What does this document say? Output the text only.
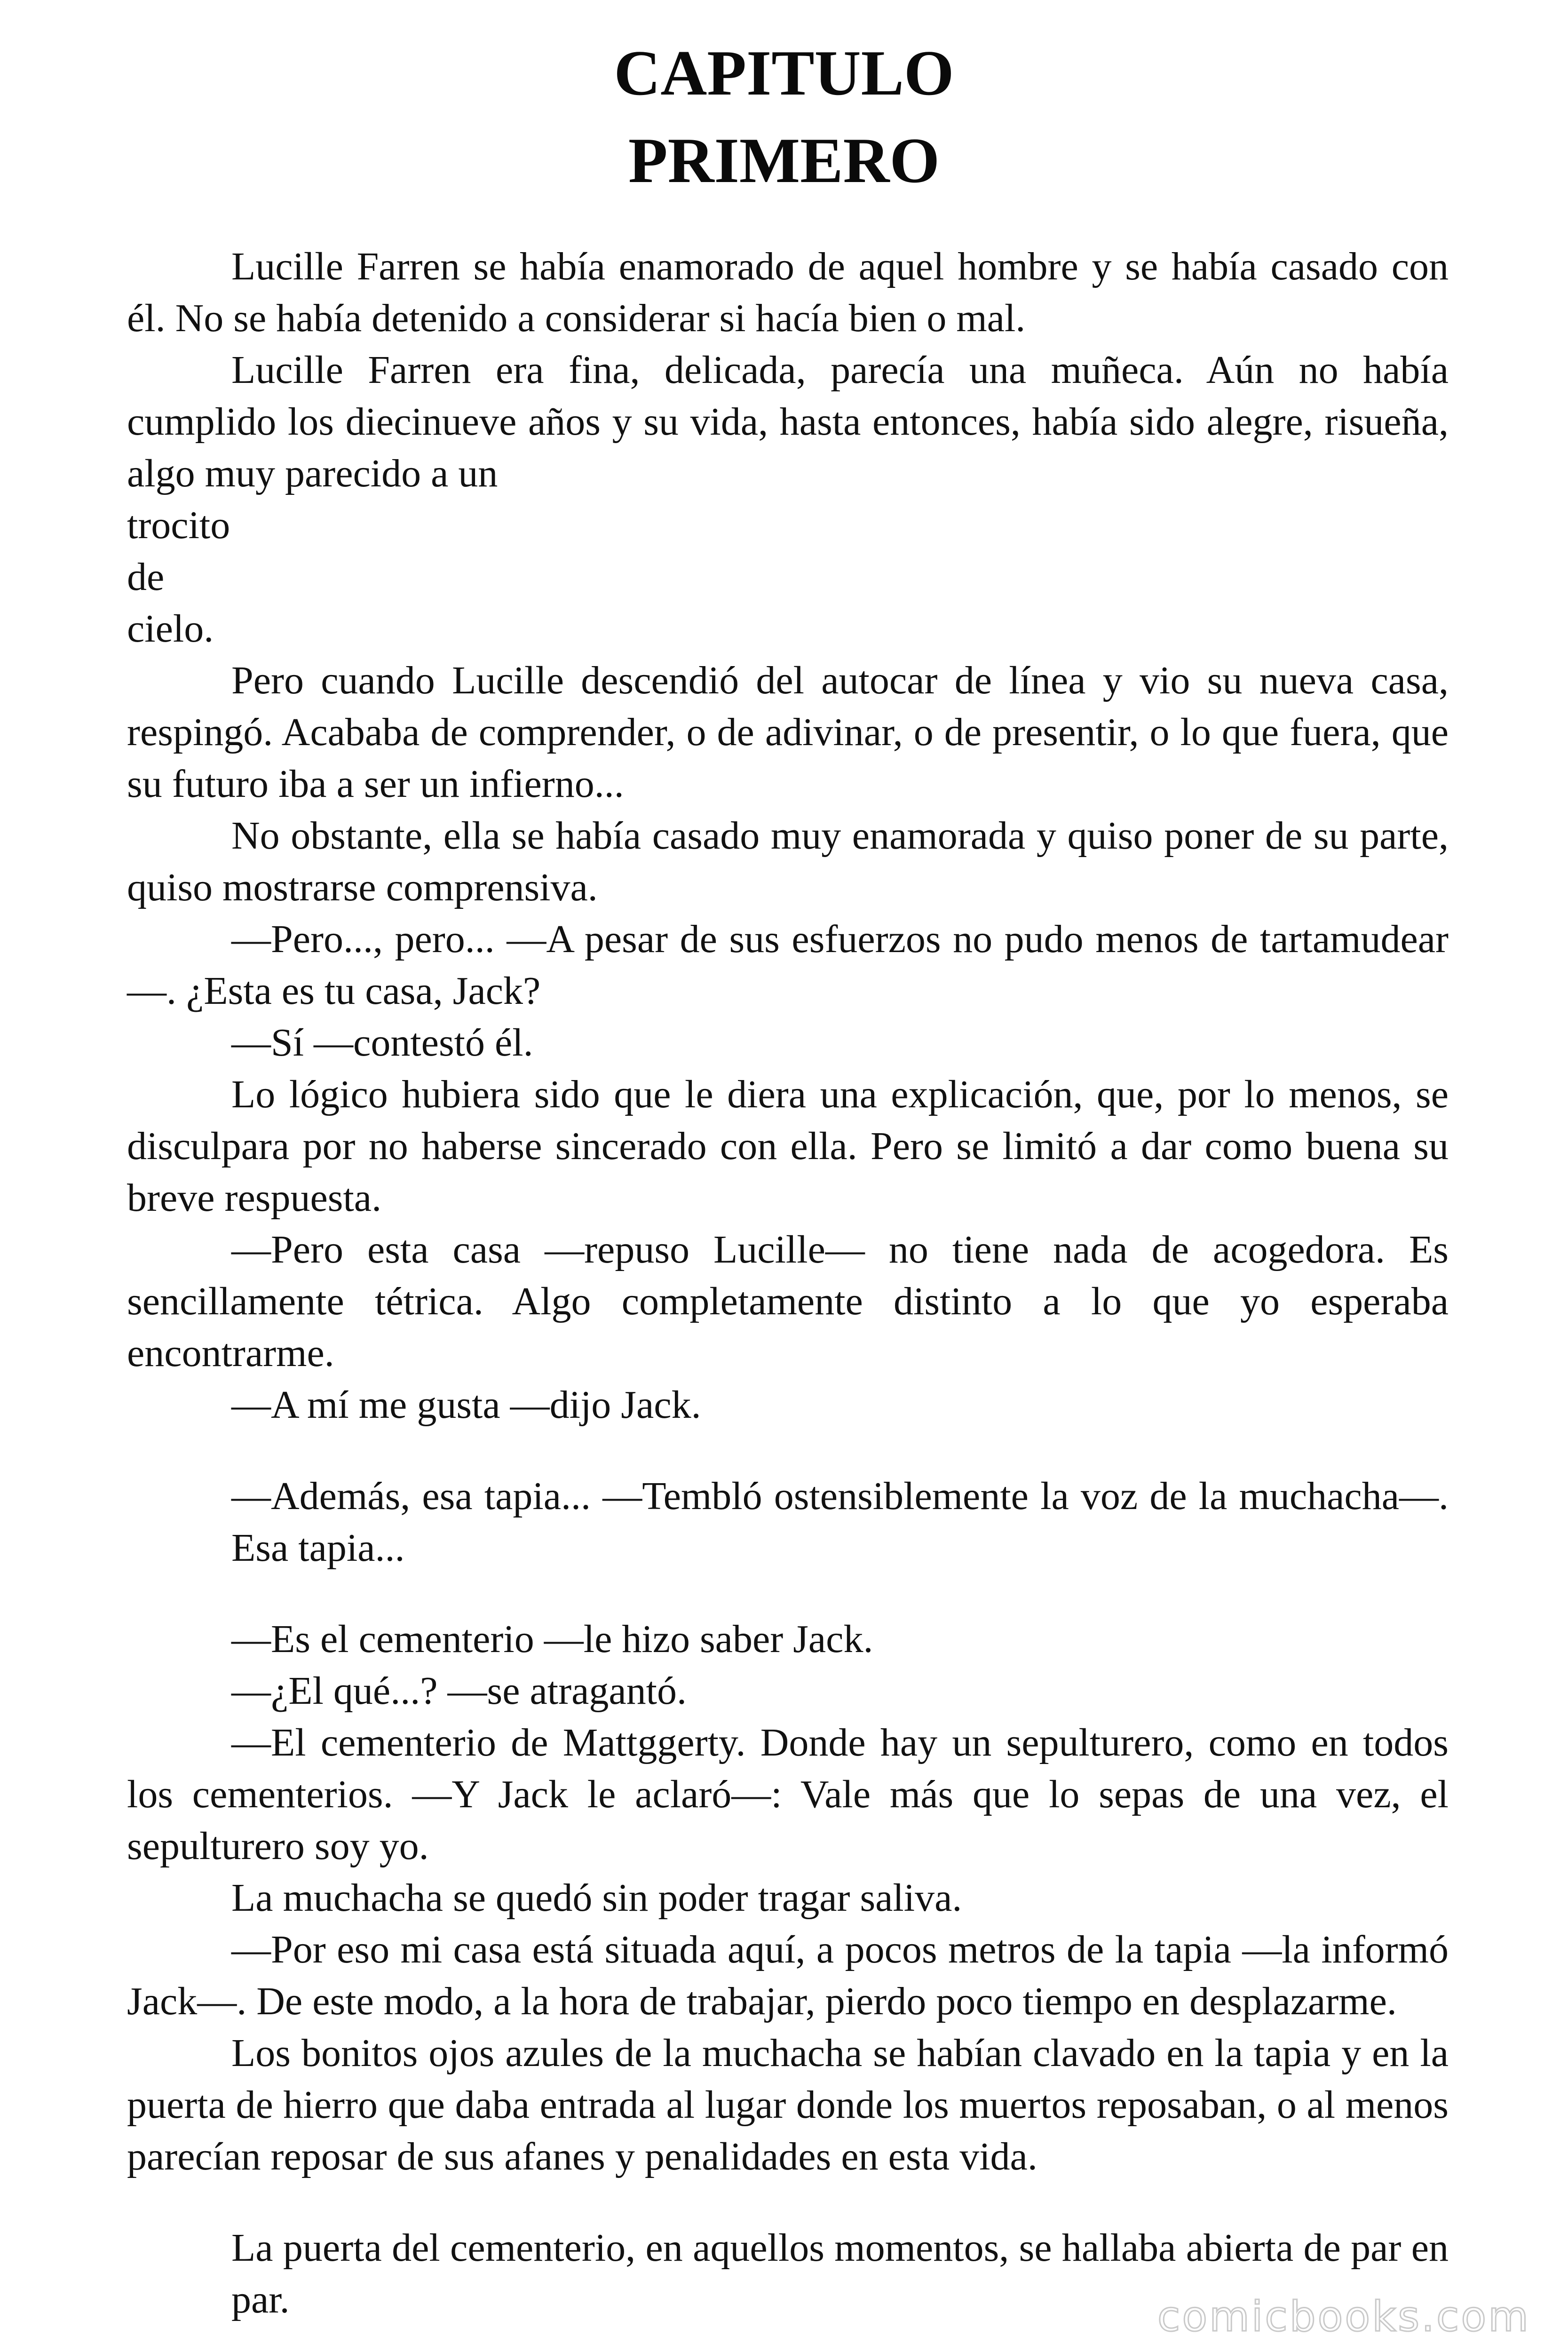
CAPITULO
PRIMERO

Lucille Farren se había enamorado de aquel hombre y se había casado con él. No se había detenido a considerar si hacía bien o mal.

Lucille Farren era fina, delicada, parecía una muñeca. Aún no había cumplido los diecinueve años y su vida, hasta entonces, había sido alegre, risueña, algo muy parecido a un

trocito

de

cielo.

Pero cuando Lucille descendió del autocar de línea y vio su nueva casa, respingó. Acababa de comprender, o de adivinar, o de presentir, o lo que fuera, que su futuro iba a ser un infierno...

No obstante, ella se había casado muy enamorada y quiso poner de su parte, quiso mostrarse comprensiva.

—Pero..., pero... —A pesar de sus esfuerzos no pudo menos de tartamudear—. ¿Esta es tu casa, Jack?

—Sí —contestó él.

Lo lógico hubiera sido que le diera una explicación, que, por lo menos, se disculpara por no haberse sincerado con ella. Pero se limitó a dar como buena su breve respuesta.

—Pero esta casa —repuso Lucille— no tiene nada de acogedora. Es sencillamente tétrica. Algo completamente distinto a lo que yo esperaba encontrarme.

—A mí me gusta —dijo Jack.

—Además, esa tapia... —Tembló ostensiblemente la voz de la muchacha—. Esa tapia...

—Es el cementerio —le hizo saber Jack.

—¿El qué...? —se atragantó.

—El cementerio de Mattggerty. Donde hay un sepulturero, como en todos los cementerios. —Y Jack le aclaró—: Vale más que lo sepas de una vez, el sepulturero soy yo.

La muchacha se quedó sin poder tragar saliva.

—Por eso mi casa está situada aquí, a pocos metros de la tapia —la informó Jack—. De este modo, a la hora de trabajar, pierdo poco tiempo en desplazarme.

Los bonitos ojos azules de la muchacha se habían clavado en la tapia y en la puerta de hierro que daba entrada al lugar donde los muertos reposaban, o al menos parecían reposar de sus afanes y penalidades en esta vida.

La puerta del cementerio, en aquellos momentos, se hallaba abierta de par en par.	comicbooks.com
